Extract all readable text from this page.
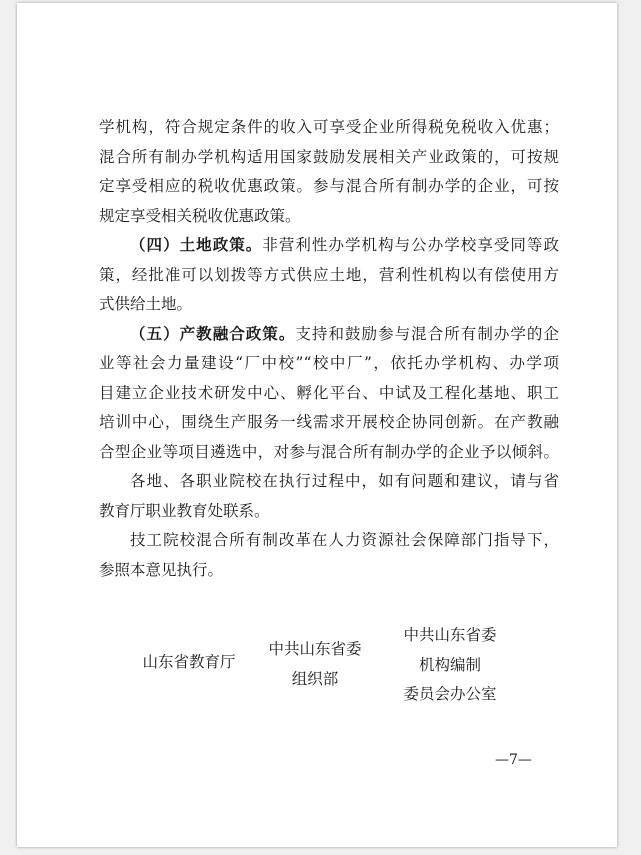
学机构，符合规定条件的收入可享受企业所得税免税收入优惠；
混合所有制办学机构适用国家鼓励发展相关产业政策的，可按规
定享受相应的税收优惠政策。参与混合所有制办学的企业，可按
规定享受相关税收优惠政策。
（四）土地政策。非营利性办学机构与公办学校享受同等政
策，经批准可以划拨等方式供应土地，营利性机构以有偿使用方
式供给土地。
（五）产教融合政策。支持和鼓励参与混合所有制办学的企
业等社会力量建设“厂中校”“校中厂”，依托办学机构、办学项
目建立企业技术研发中心、孵化平台、中试及工程化基地、职工
培训中心，围绕生产服务一线需求开展校企协同创新。在产教融
合型企业等项目遴选中，对参与混合所有制办学的企业予以倾斜。
各地、各职业院校在执行过程中，如有问题和建议，请与省
教育厅职业教育处联系。
技工院校混合所有制改革在人力资源社会保障部门指导下，
参照本意见执行。
山东省教育厅
中共山东省委
组织部
中共山东省委
机构编制
委员会办公室
—7—
